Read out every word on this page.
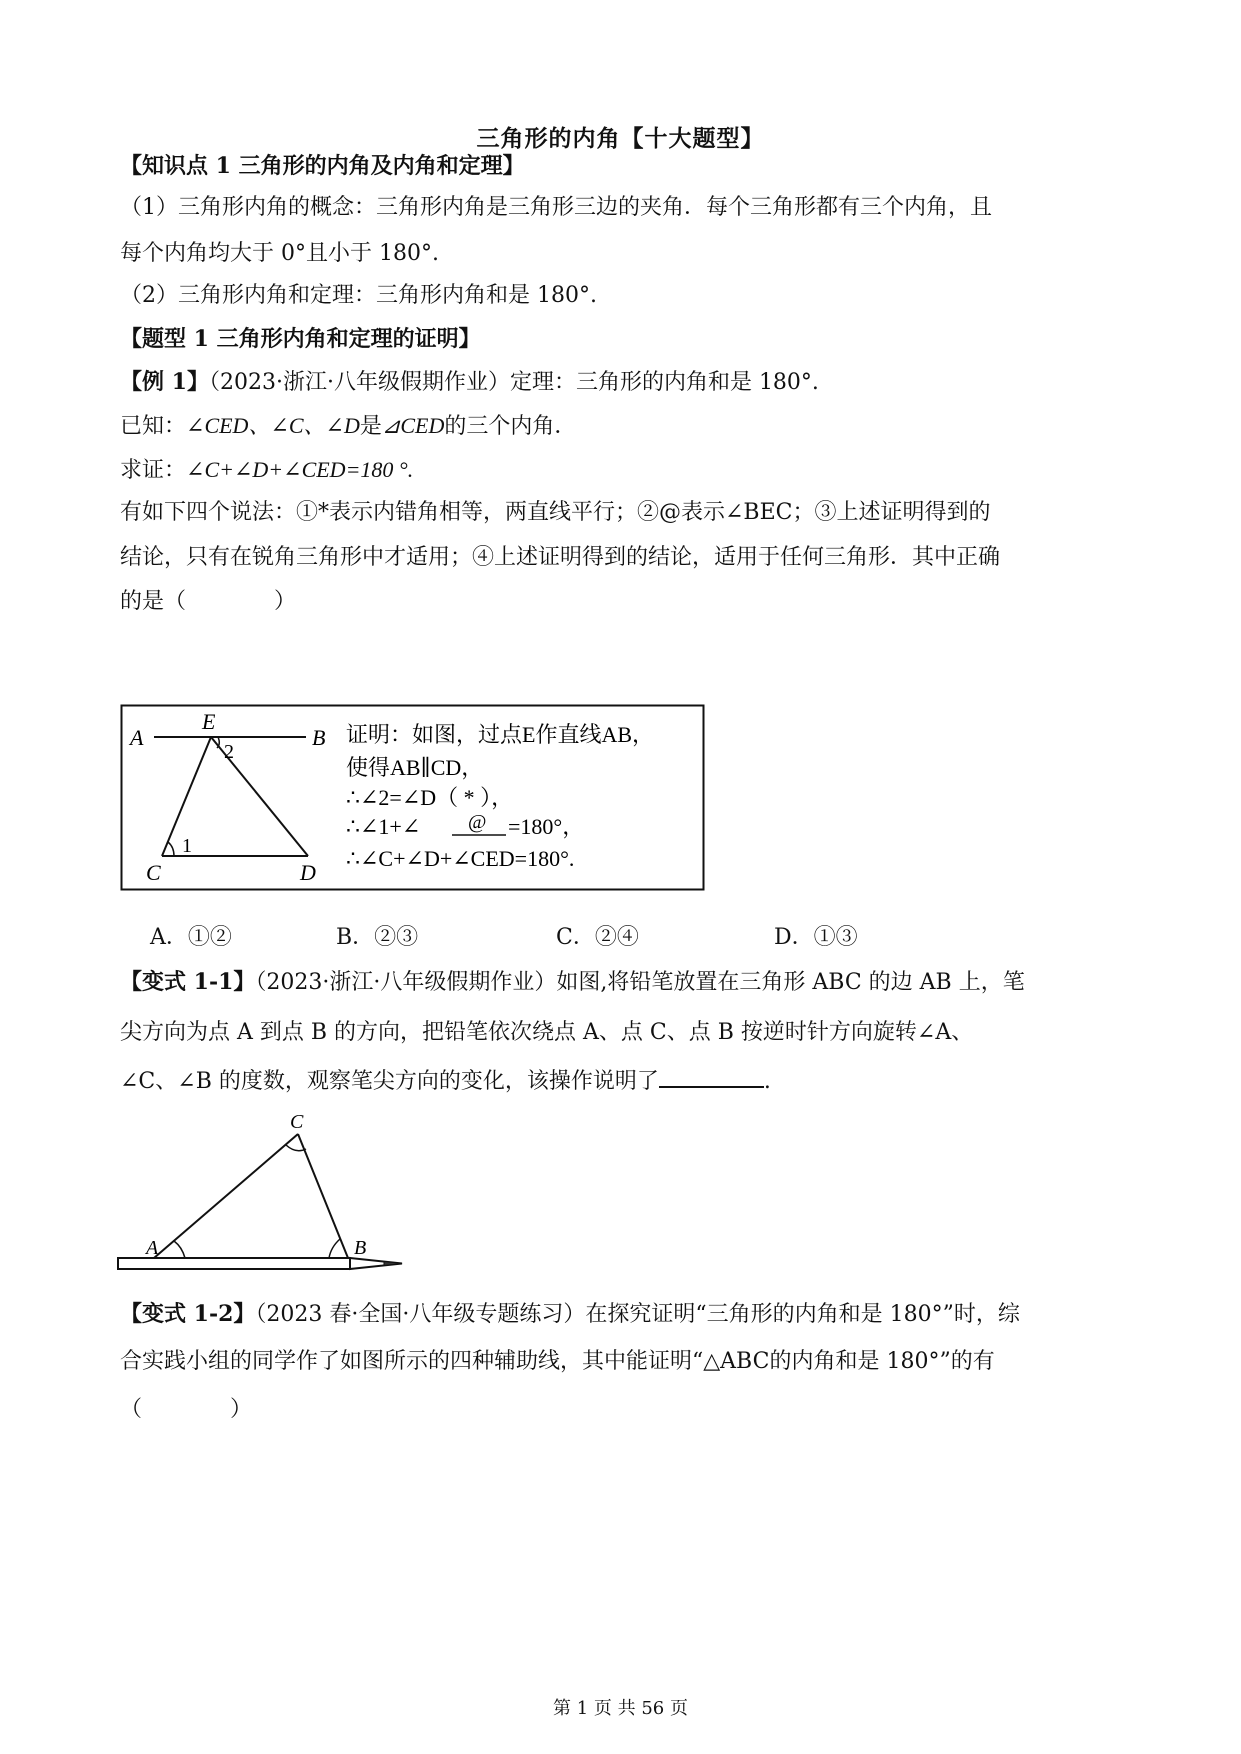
三角形的内角【十大题型】
【知识点 1 三角形的内角及内角和定理】
（1）三角形内角的概念：三角形内角是三角形三边的夹角．每个三角形都有三个内角，且
每个内角均大于 0°且小于 180°.
（2）三角形内角和定理：三角形内角和是 180°.
【题型 1 三角形内角和定理的证明】
【例 1】（2023·浙江·八年级假期作业）定理：三角形的内角和是 180°.
已知：∠CED、∠C、∠D是⊿CED的三个内角．
求证：∠C+∠D+∠CED=180 °.
有如下四个说法：①*表示内错角相等，两直线平行；②@表示∠BEC；③上述证明得到的
结论，只有在锐角三角形中才适用；④上述证明得到的结论，适用于任何三角形．其中正确
的是（　　　　）
A
E
B
2
1
C	D
证明：如图，过点E作直线AB，
使得AB∥CD，
∴∠2=∠D（ * ），
∴∠1+∠ @ =180°，
∴∠C+∠D+∠CED=180°.
A．①②	B．②③	C．②④	D．①③
【变式 1-1】（2023·浙江·八年级假期作业）如图,将铅笔放置在三角形 ABC 的边 AB 上，笔
尖方向为点 A 到点 B 的方向，把铅笔依次绕点 A、点 C、点 B 按逆时针方向旋转∠A、
∠C、∠B 的度数，观察笔尖方向的变化，该操作说明了	.
A	B
C
【变式 1-2】（2023 春·全国·八年级专题练习）在探究证明“三角形的内角和是 180°”时，综
合实践小组的同学作了如图所示的四种辅助线，其中能证明“△ABC的内角和是 180°”的有
（　　　　）
第 1 页 共 56 页
